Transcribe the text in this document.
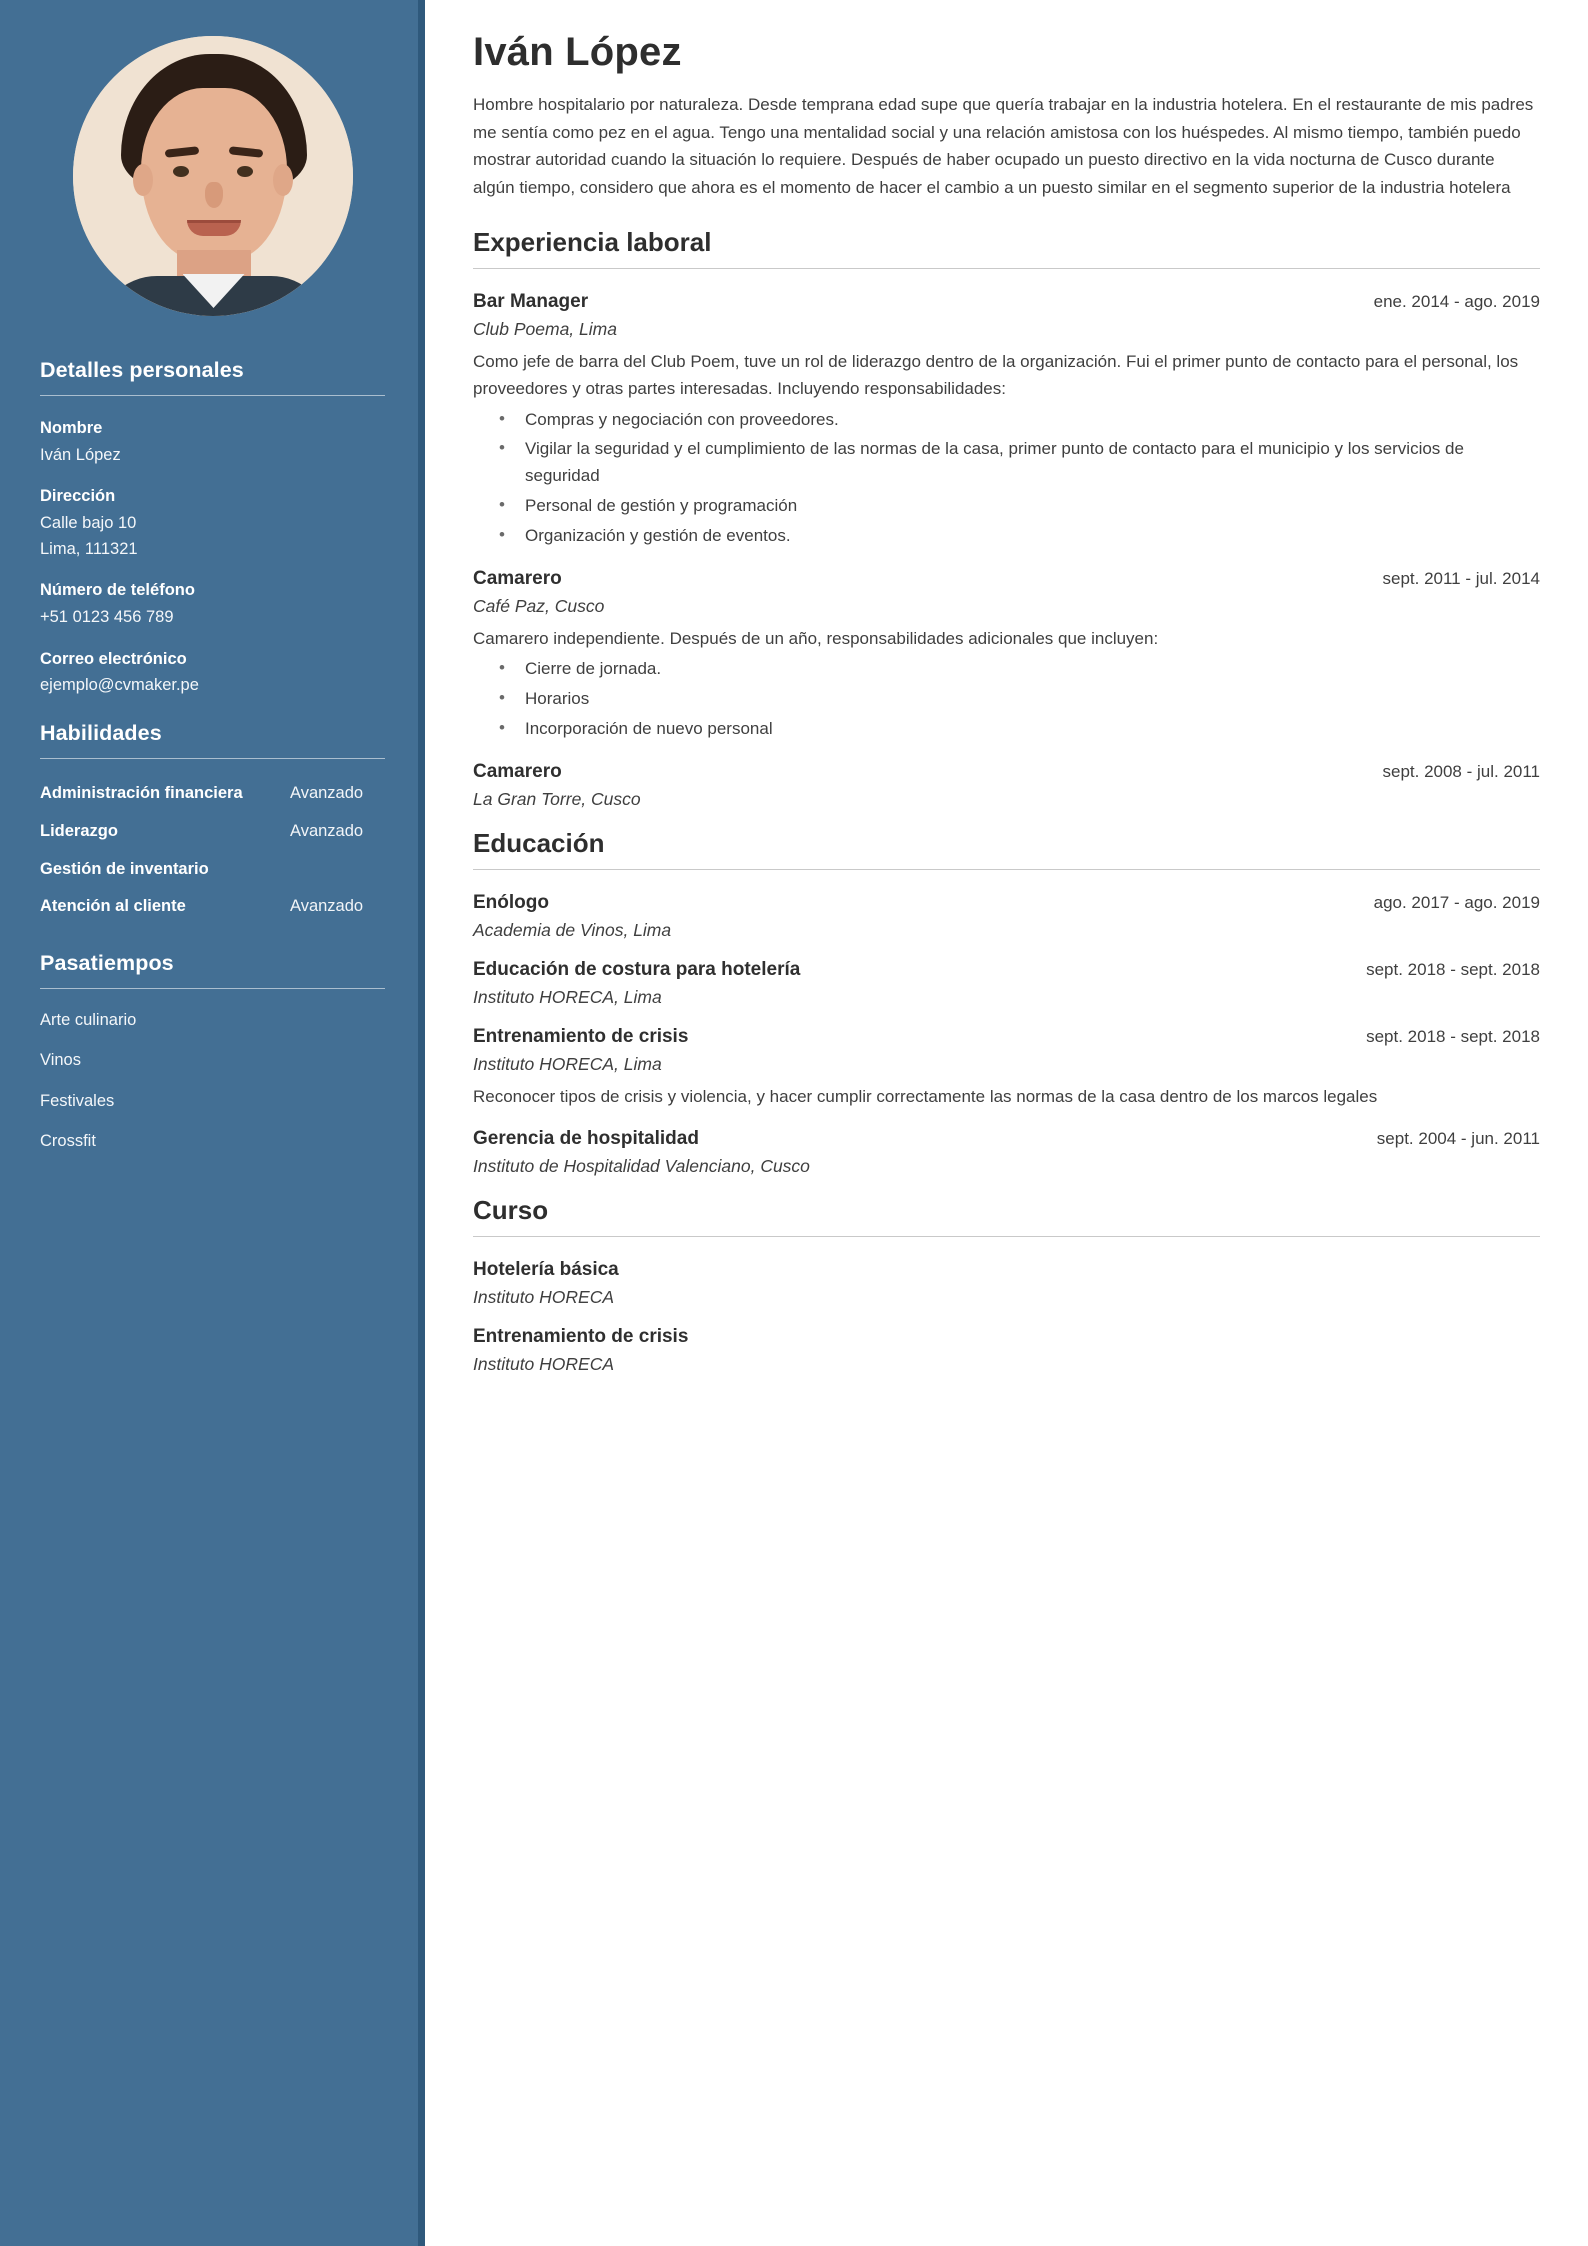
Detalles personales
Nombre
Iván López
Dirección
Calle bajo 10
Lima, 111321
Número de teléfono
+51 0123 456 789
Correo electrónico
ejemplo@cvmaker.pe
Habilidades
Administración financiera	Avanzado
Liderazgo	Avanzado
Gestión de inventario
Atención al cliente	Avanzado
Pasatiempos
Arte culinario
Vinos
Festivales
Crossfit
Iván López

Hombre hospitalario por naturaleza. Desde temprana edad supe que quería trabajar en la industria hotelera. En el restaurante de mis padres me sentía como pez en el agua. Tengo una mentalidad social y una relación amistosa con los huéspedes. Al mismo tiempo, también puedo mostrar autoridad cuando la situación lo requiere. Después de haber ocupado un puesto directivo en la vida nocturna de Cusco durante algún tiempo, considero que ahora es el momento de hacer el cambio a un puesto similar en el segmento superior de la industria hotelera

Experiencia laboral
Bar Manager	ene. 2014 - ago. 2019
Club Poema, Lima

Como jefe de barra del Club Poem, tuve un rol de liderazgo dentro de la organización. Fui el primer punto de contacto para el personal, los proveedores y otras partes interesadas. Incluyendo responsabilidades:

• Compras y negociación con proveedores.
• Vigilar la seguridad y el cumplimiento de las normas de la casa, primer punto de contacto para el municipio y los servicios de seguridad
• Personal de gestión y programación
• Organización y gestión de eventos.
Camarero	sept. 2011 - jul. 2014
Café Paz, Cusco

Camarero independiente. Después de un año, responsabilidades adicionales que incluyen:

• Cierre de jornada.
• Horarios
• Incorporación de nuevo personal
Camarero	sept. 2008 - jul. 2011
La Gran Torre, Cusco
Educación
Enólogo	ago. 2017 - ago. 2019
Academia de Vinos, Lima
Educación de costura para hotelería	sept. 2018 - sept. 2018
Instituto HORECA, Lima
Entrenamiento de crisis	sept. 2018 - sept. 2018
Instituto HORECA, Lima

Reconocer tipos de crisis y violencia, y hacer cumplir correctamente las normas de la casa dentro de los marcos legales

Gerencia de hospitalidad	sept. 2004 - jun. 2011
Instituto de Hospitalidad Valenciano, Cusco
Curso
Hotelería básica
Instituto HORECA
Entrenamiento de crisis
Instituto HORECA
